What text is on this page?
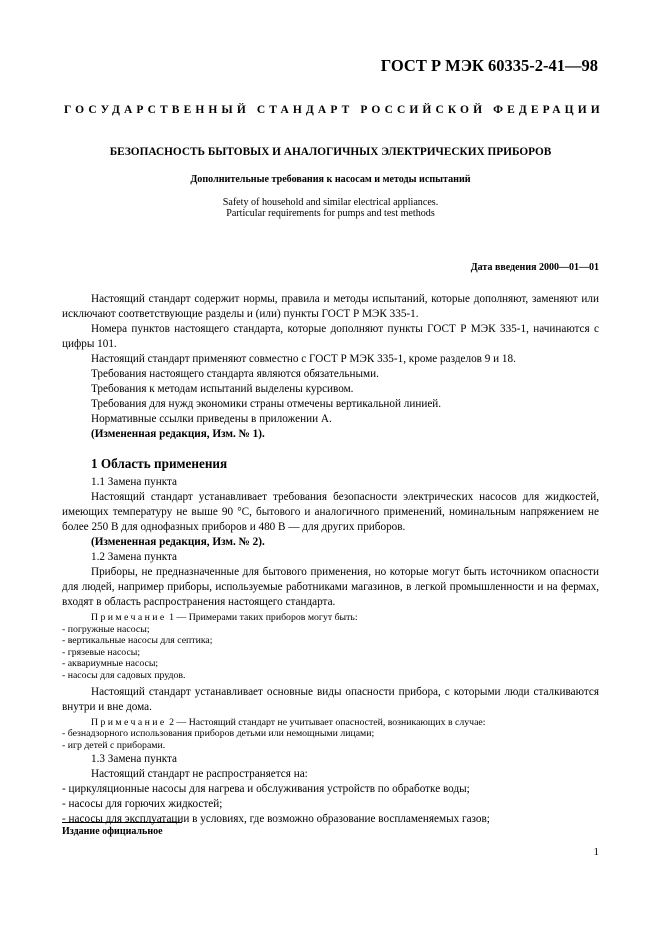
ГОСТ Р МЭК 60335-2-41—98
ГОСУДАРСТВЕННЫЙ СТАНДАРТ РОССИЙСКОЙ ФЕДЕРАЦИИ
БЕЗОПАСНОСТЬ БЫТОВЫХ И АНАЛОГИЧНЫХ ЭЛЕКТРИЧЕСКИХ ПРИБОРОВ
Дополнительные требования к насосам и методы испытаний
Safety of household and similar electrical appliances.
Particular requirements for pumps and test methods
Дата введения 2000—01—01

Настоящий стандарт содержит нормы, правила и методы испытаний, которые дополняют, заменяют или исключают соответствующие разделы и (или) пункты ГОСТ Р МЭК 335-1.

Номера пунктов настоящего стандарта, которые дополняют пункты ГОСТ Р МЭК 335-1, начинаются с цифры 101.

Настоящий стандарт применяют совместно с ГОСТ Р МЭК 335-1, кроме разделов 9 и 18.

Требования настоящего стандарта являются обязательными.

Требования к методам испытаний выделены курсивом.

Требования для нужд экономики страны отмечены вертикальной линией.

Нормативные ссылки приведены в приложении А.

(Измененная редакция, Изм. № 1).

1 Область применения

1.1 Замена пункта

Настоящий стандарт устанавливает требования безопасности электрических насосов для жидкостей, имеющих температуру не выше 90 °С, бытового и аналогичного применений, номинальным напряжением не более 250 В для однофазных приборов и 480 В — для других приборов.

(Измененная редакция, Изм. № 2).

1.2 Замена пункта

Приборы, не предназначенные для бытового применения, но которые могут быть источником опасности для людей, например приборы, используемые работниками магазинов, в легкой промышленности и на фермах, входят в область распространения настоящего стандарта.

Примечание 1 — Примерами таких приборов могут быть:
- погружные насосы;
- вертикальные насосы для септика;
- грязевые насосы;
- аквариумные насосы;
- насосы для садовых прудов.

Настоящий стандарт устанавливает основные виды опасности прибора, с которыми люди сталкиваются внутри и вне дома.

Примечание 2 — Настоящий стандарт не учитывает опасностей, возникающих в случае:
- безнадзорного использования приборов детьми или немощными лицами;
- игр детей с приборами.

1.3 Замена пункта

Настоящий стандарт не распространяется на:

- циркуляционные насосы для нагрева и обслуживания устройств по обработке воды;
- насосы для горючих жидкостей;
- насосы для эксплуатации в условиях, где возможно образование воспламеняемых газов;
Издание официальное
1
